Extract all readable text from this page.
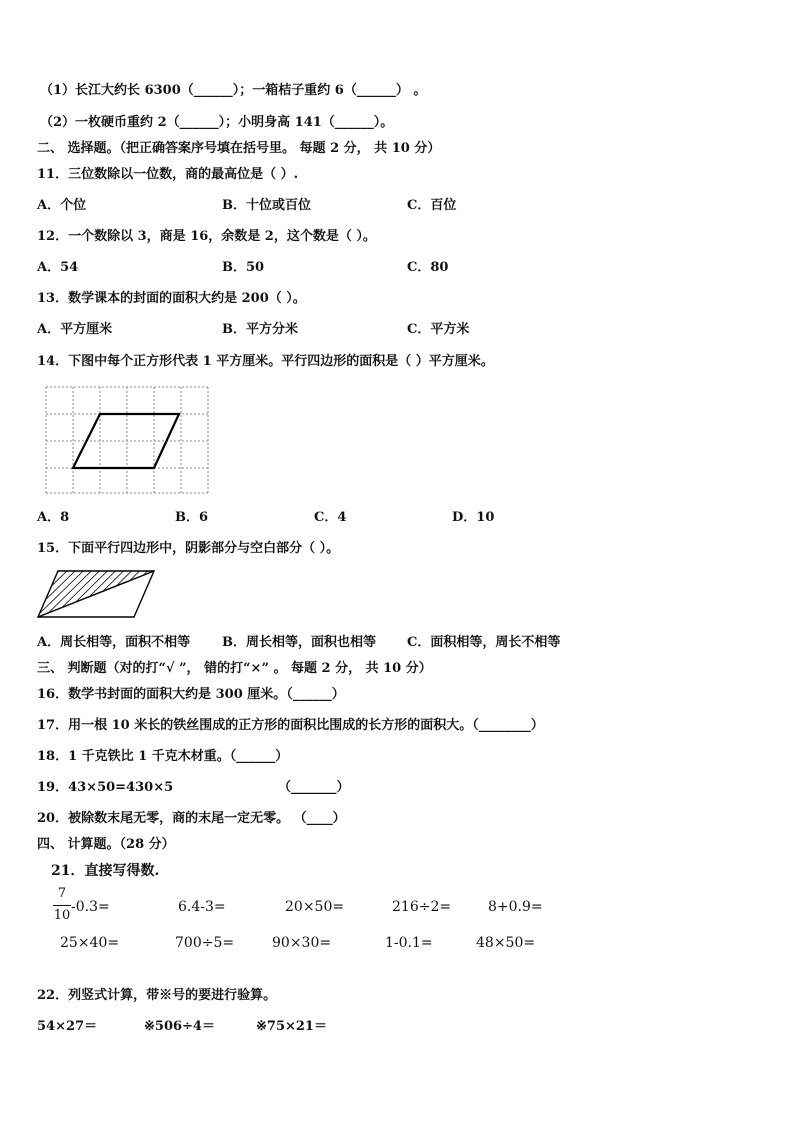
（1）长江大约长 6300（______）；一箱桔子重约 6（______） 。
（2）一枚硬币重约 2（______）；小明身高 141（______）。
二、 选择题。（把正确答案序号填在括号里。 每题 2 分， 共 10 分）
11．三位数除以一位数，商的最高位是（ ）.
A．个位	B．十位或百位	C．百位
12．一个数除以 3，商是 16，余数是 2，这个数是（ ）。
A．54	B．50	C．80
13．数学课本的封面的面积大约是 200（ ）。
A．平方厘米	B．平方分米	C．平方米
14．下图中每个正方形代表 1 平方厘米。平行四边形的面积是（ ）平方厘米。
A．8	B．6	C．4	D．10
15．下面平行四边形中，阴影部分与空白部分（ ）。
A．周长相等，面积不相等 B．周长相等，面积也相等 C．面积相等，周长不相等
三、 判断题（对的打“√ ”， 错的打“×” 。 每题 2 分， 共 10 分）
16．数学书封面的面积大约是 300 厘米。（______）
17．用一根 10 米长的铁丝围成的正方形的面积比围成的长方形的面积大。（________）
18．1 千克铁比 1 千克木材重。（______）
19．43×50=430×5	（_______）
20．被除数末尾无零，商的末尾一定无零。 （____）
四、 计算题。（28 分）
21．直接写得数.
7
10
-0.3=	6.4-3=	20×50=	216÷2=	8+0.9=
25×40=	700÷5=	90×30=	1-0.1=	48×50=
22．列竖式计算，带※号的要进行验算。
54×27＝	※506÷4＝	※75×21＝
